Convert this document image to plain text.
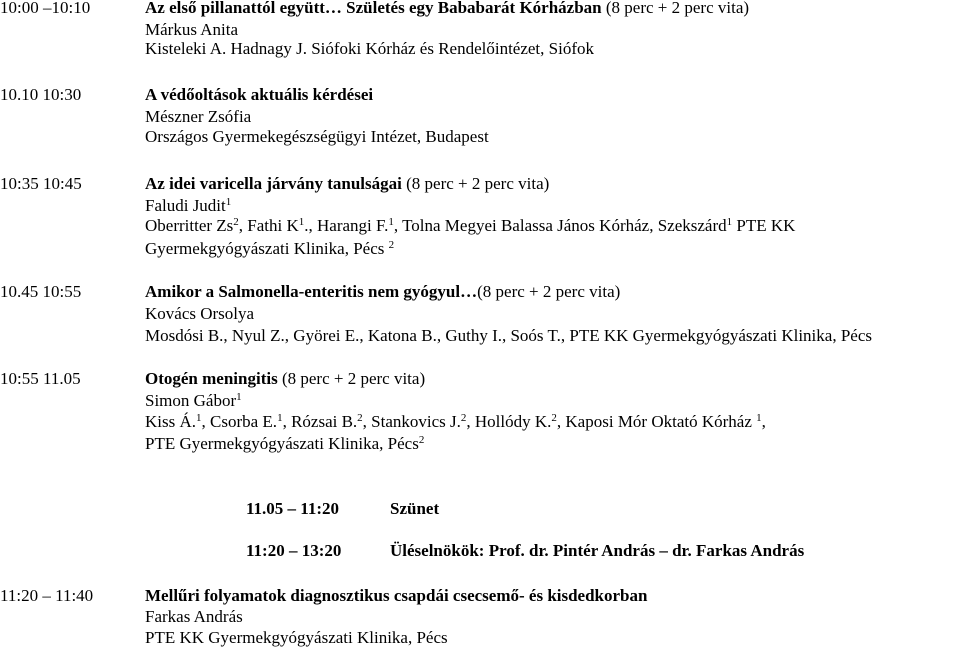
10:00 –10:10	Az első pillanattól együtt… Születés egy Bababarát Kórházban (8 perc + 2 perc vita)
Márkus Anita
Kisteleki A. Hadnagy J. Siófoki Kórház és Rendelőintézet, Siófok
10.10 10:30	A védőoltások aktuális kérdései
Mészner Zsófia
Országos Gyermekegészségügyi Intézet, Budapest
10:35 10:45	Az idei varicella járvány tanulságai (8 perc + 2 perc vita)
Faludi Judit$^1$
Oberritter Zs$^2$, Fathi $K^1$., Harangi F.$^1$, Tolna Megyei Balassa János Kórház, Szekszárd$^1$ PTE KK
Gyermekgyógyászati Klinika, Pécs $^2$
10.45 10:55	Amikor a Salmonella-enteritis nem gyógyul…(8 perc + 2 perc vita)
Kovács Orsolya
Mosdósi B., Nyul Z., Györei E., Katona B., Guthy I., Soós T., PTE KK Gyermekgyógyászati Klinika, Pécs
10:55 11.05	Otogén meningitis (8 perc + 2 perc vita)
Simon Gábor$^1$
Kiss Á.$^1$, Csorba E.$^1$, Rózsai B.$^2$, Stankovics J.$^2$, Hollódy K.$^2$, Kaposi Mór Oktató Kórház $^1$,
PTE Gyermekgyógyászati Klinika, Pécs$^2$
11.05 – 11:20	Szünet
11:20 – 13:20	Üléselnökök: Prof. dr. Pintér András – dr. Farkas András
11:20 – 11:40	Mellűri folyamatok diagnosztikus csapdái csecsemő- és kisdedkorban
Farkas András
PTE KK Gyermekgyógyászati Klinika, Pécs
